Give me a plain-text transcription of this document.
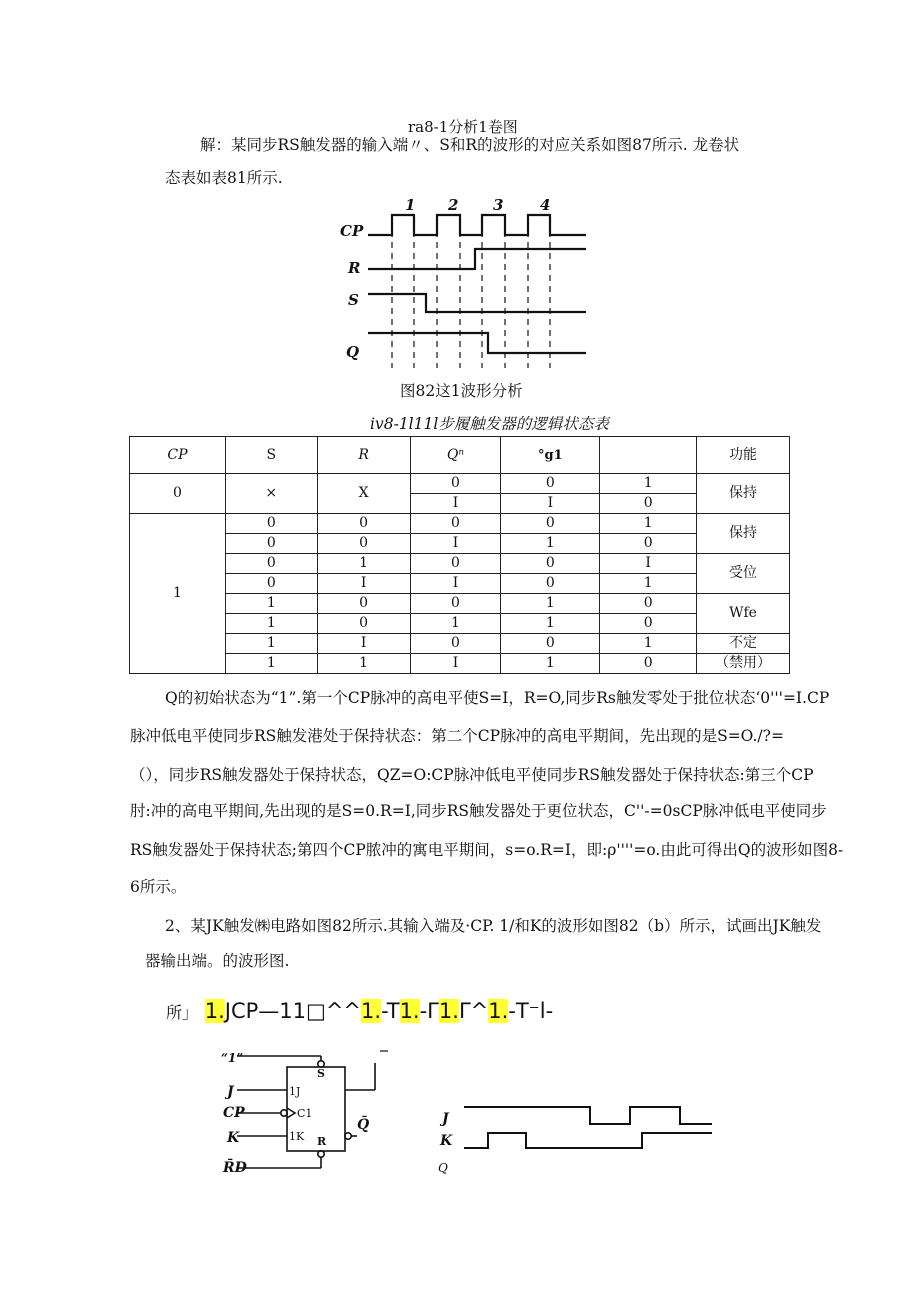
ra8-1分析1卷图
解：某同步RS触发器的输入端〃、S和R的波形的对应关系如图87所示. 龙卷状
态表如表81所示.
CP
R
S
Q
1 2 3 4
图82这1波形分析
ⅳ8-1l11l步履触发器的逻辑状态表
CP	S	R	Qⁿ	°g1		功能
0	×	X	0	0	1	保持
			I	I	0	
1	0	0	0	0	1	保持
	0	0	I	1	0	
	0	1	0	0	I	受位
	0	I	I	0	1	
	1	0	0	1	0	Wfe
	1	0	1	1	0	
	1	I	0	0	1	不定
	1	1	I	1	0	（禁用）
Q的初始状态为“1”.第一个CP脉冲的高电平使S=I，R=O,同步Rs触发零处于批位状态‘0'''=I.CP
脉冲低电平使同步RS触发港处于保持状态：第二个CP脉冲的高电平期间，先出现的是S=O./?=
（），同步RS触发器处于保持状态，QZ=O:CP脉冲低电平使同步RS触发器处于保持状态:第三个CP
肘:冲的高电平期间,先出现的是S=0.R=I,同步RS触发器处于更位状态，C''-=0sCP脉冲低电平使同步
RS触发器处于保持状态;第四个CP脓冲的寓电平期间，s=o.R=I，即:ρ''''=o.由此可得出Q的波形如图8-
6所示。
2、某JK触发㈱电路如图82所示.其输入端及·CP. 1/和K的波形如图82（b）所示，试画出JK触发
器输出端。的波形图.
所」 1.JCP—11□^^1.-T1.-Γ1.Γ^1.-T⁻l-
“1”
J
CP
K
R̄D
1J
C1
1K
S
R
Q̄	J
K
Q
